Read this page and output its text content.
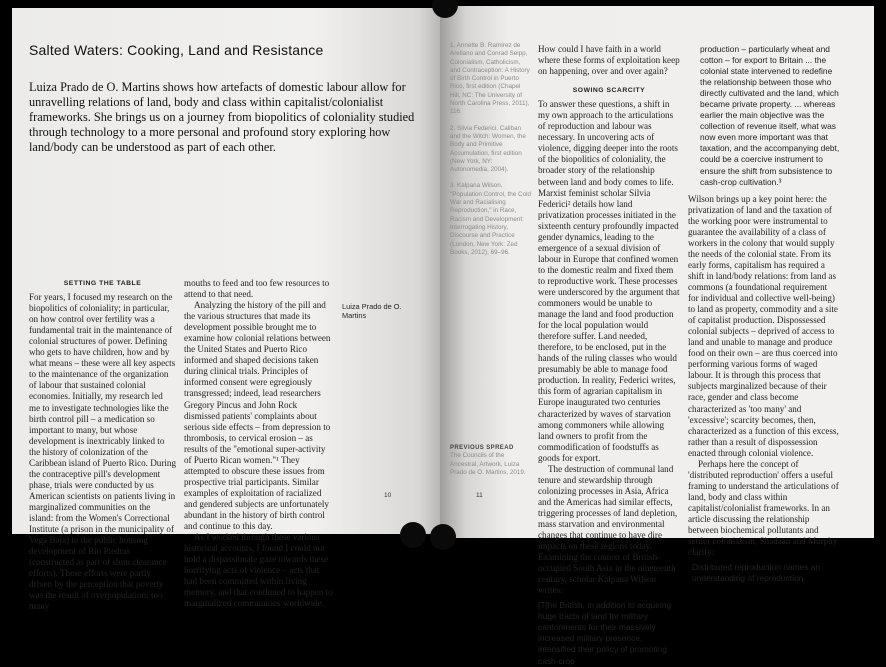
Salted Waters: Cooking, Land and Resistance
Luiza Prado de O. Martins shows how artefacts of domestic labour allow for unravelling relations of land, body and class within capitalist/colonialist frameworks. She brings us on a journey from biopolitics of coloniality studied through technology to a more personal and profound story exploring how land/body can be understood as part of each other.
SETTING THE TABLE

For years, I focused my research on the biopolitics of coloniality; in particular, on how control over fertility was a fundamental trait in the maintenance of colonial structures of power. Defining who gets to have children, how and by what means – these were all key aspects to the maintenance of the organization of labour that sustained colonial economies. Initially, my research led me to investigate technologies like the birth control pill – a medication so important to many, but whose development is inextricably linked to the history of colonization of the Caribbean island of Puerto Rico. During the contraceptive pill's development phase, trials were conducted by us American scientists on patients living in marginalized communities on the island: from the Women's Correctional Institute (a prison in the municipality of Vega Baja) to the public housing development of Río Piedras (constructed as part of slum clearance efforts). These efforts were partly driven by the perception that poverty was the result of overpopulation: too many

mouths to feed and too few resources to attend to that need.

Analyzing the history of the pill and the various structures that made its development possible brought me to examine how colonial relations between the United States and Puerto Rico informed and shaped decisions taken during clinical trials. Principles of informed consent were egregiously transgressed; indeed, lead researchers Gregory Pincus and John Rock dismissed patients' complaints about serious side effects – from depression to thrombosis, to cervical erosion – as results of the "emotional super-activity of Puerto Rican women."¹ They attempted to obscure these issues from prospective trial participants. Similar examples of exploitation of racialized and gendered subjects are unfortunately abundant in the history of birth control and continue to this day.

As I worked through these various historical accounts, I found I could not hold a dispassionate gaze towards these horrifying acts of violence – acts that had been committed within living memory, and that continued to happen to marginalized communities worldwide.

Luiza Prado de O. Martins
10

1. Annette B. Ramírez de Arellano and Conrad Seipp, Colonialism, Catholicism, and Contraception: A History of Birth Control in Puerto Rico, first edition (Chapel Hill, NC: The University of North Carolina Press, 2011), 116.

2. Silvia Federici, Caliban and the Witch: Women, the Body and Primitive Accumulation, first edition (New York, NY: Autonomedia, 2004).

3. Kalpana Wilson, "Population Control, the Cold War and Racialising Reproduction," in Race, Racism and Development: Interrogating History, Discourse and Practice (London, New York: Zed Books, 2012), 69–96.

PREVIOUS SPREAD
The Councils of the Ancestral, Artwork, Luiza Prado de O. Martins, 2019.

How could I have faith in a world where these forms of exploitation keep on happening, over and over again?

SOWING SCARCITY

To answer these questions, a shift in my own approach to the articulations of reproduction and labour was necessary. In uncovering acts of violence, digging deeper into the roots of the biopolitics of coloniality, the broader story of the relationship between land and body comes to life. Marxist feminist scholar Silvia Federici² details how land privatization processes initiated in the sixteenth century profoundly impacted gender dynamics, leading to the emergence of a sexual division of labour in Europe that confined women to the domestic realm and fixed them to reproductive work. These processes were underscored by the argument that commoners would be unable to manage the land and food production for the local population would therefore suffer. Land needed, therefore, to be enclosed, put in the hands of the ruling classes who would presumably be able to manage food production. In reality, Federici writes, this form of agrarian capitalism in Europe inaugurated two centuries characterized by waves of starvation among commoners while allowing land owners to profit from the commodification of foodstuffs as goods for export.

The destruction of communal land tenure and stewardship through colonizing processes in Asia, Africa and the Americas had similar effects, triggering processes of land depletion, mass starvation and environmental changes that continue to have dire impacts on these regions today. Examining the context of British-occupied South Asia in the nineteenth century, scholar Kalpana Wilson writes:

[T]he British, in addition to acquiring huge tracts of land for military cantonments for their massively increased military presence, intensified their policy of promoting cash-crop

production – particularly wheat and cotton – for export to Britain ... the colonial state intervened to redefine the relationship between those who directly cultivated and the land, which became private property. ... whereas earlier the main objective was the collection of revenue itself, what was now even more important was that taxation, and the accompanying debt, could be a coercive instrument to ensure the shift from subsistence to cash-crop cultivation.³

Wilson brings up a key point here: the privatization of land and the taxation of the working poor were instrumental to guarantee the availability of a class of workers in the colony that would supply the needs of the colonial state. From its early forms, capitalism has required a shift in land/body relations: from land as commons (a foundational requirement for individual and collective well-being) to land as property, commodity and a site of capitalist production. Dispossessed colonial subjects – deprived of access to land and unable to manage and produce food on their own – are thus coerced into performing various forms of waged labour. It is through this process that subjects marginalized because of their race, gender and class become characterized as 'too many' and 'excessive'; scarcity becomes, then, characterized as a function of this excess, rather than a result of dispossession enacted through colonial violence.

Perhaps here the concept of 'distributed reproduction' offers a useful framing to understand the articulations of land, body and class within capitalist/colonialist frameworks. In an article discussing the relationship between biochemical pollutants and settler colonialism, Shadaan and Murphy clarify:

Distributed reproduction names an understanding of reproduction

11
